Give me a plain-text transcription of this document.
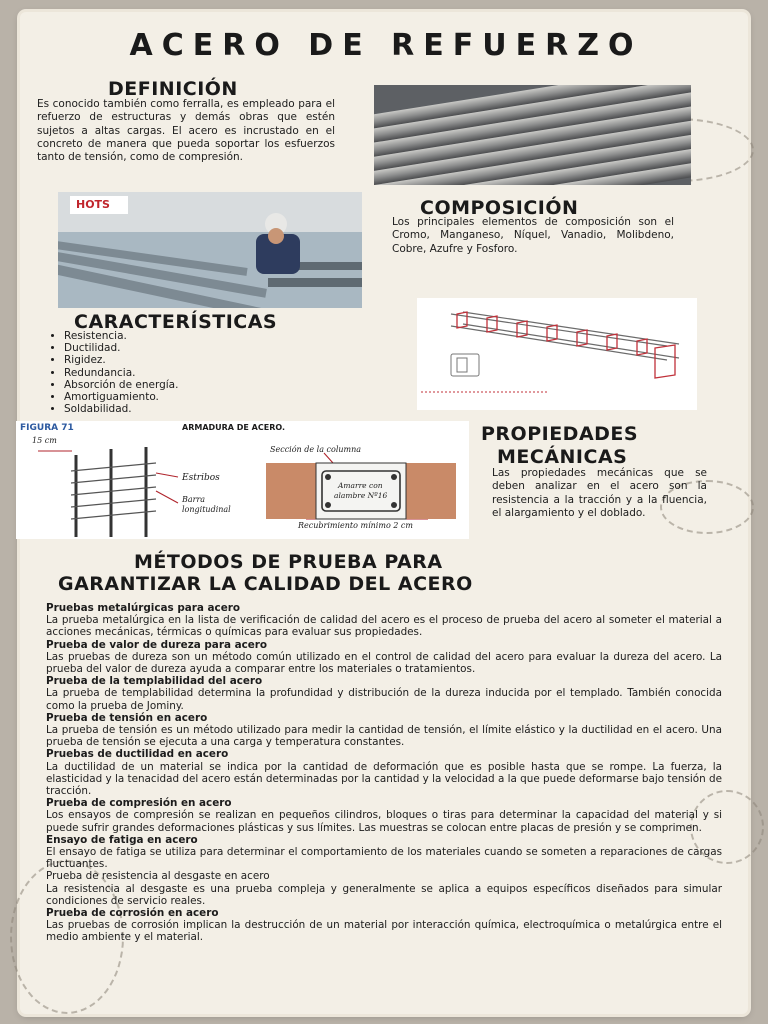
ACERO DE REFUERZO
DEFINICIÓN
Es conocido también como ferralla, es empleado para el refuerzo de estructuras y demás obras que estén sujetos a altas cargas. El acero es incrustado en el concreto de manera que pueda soportar los esfuerzos tanto de tensión, como de compresión.
HOTS	COMPOSICIÓN
Los principales elementos de composición son el Cromo, Manganeso, Níquel, Vanadio, Molibdeno, Cobre, Azufre y Fosforo.
CARACTERÍSTICAS
• Resistencia.
• Ductilidad.
• Rigidez.
• Redundancia.
• Absorción de energía.
• Amortiguamiento.
• Soldabilidad.
FIGURA 71	ARMADURA DE ACERO.
15 cm
Estribos
Barra
longitudinal
Sección de la columna
Amarre con
alambre Nº16
Recubrimiento mínimo 2 cm
PROPIEDADES
MECÁNICAS
Las propiedades mecánicas que se deben analizar en el acero son la resistencia a la tracción y a la fluencia, el alargamiento y el doblado.
MÉTODOS DE PRUEBA PARA
GARANTIZAR LA CALIDAD DEL ACERO

Pruebas metalúrgicas para acero

La prueba metalúrgica en la lista de verificación de calidad del acero es el proceso de prueba del acero al someter el material a acciones mecánicas, térmicas o químicas para evaluar sus propiedades.

Prueba de valor de dureza para acero

Las pruebas de dureza son un método común utilizado en el control de calidad del acero para evaluar la dureza del acero. La prueba del valor de dureza ayuda a comparar entre los materiales o tratamientos.

Prueba de la templabilidad del acero

La prueba de templabilidad determina la profundidad y distribución de la dureza inducida por el templado. También conocida como la prueba de Jominy.

Prueba de tensión en acero

La prueba de tensión es un método utilizado para medir la cantidad de tensión, el límite elástico y la ductilidad en el acero. Una prueba de tensión se ejecuta a una carga y temperatura constantes.

Pruebas de ductilidad en acero

La ductilidad de un material se indica por la cantidad de deformación que es posible hasta que se rompe. La fuerza, la elasticidad y la tenacidad del acero están determinadas por la cantidad y la velocidad a la que puede deformarse bajo tensión de tracción.

Prueba de compresión en acero

Los ensayos de compresión se realizan en pequeños cilindros, bloques o tiras para determinar la capacidad del material y si puede sufrir grandes deformaciones plásticas y sus límites. Las muestras se colocan entre placas de presión y se comprimen.

Ensayo de fatiga en acero

El ensayo de fatiga se utiliza para determinar el comportamiento de los materiales cuando se someten a reparaciones de cargas fluctuantes.

Prueba de resistencia al desgaste en acero

La resistencia al desgaste es una prueba compleja y generalmente se aplica a equipos específicos diseñados para simular condiciones de servicio reales.

Prueba de corrosión en acero

Las pruebas de corrosión implican la destrucción de un material por interacción química, electroquímica o metalúrgica entre el medio ambiente y el material.
